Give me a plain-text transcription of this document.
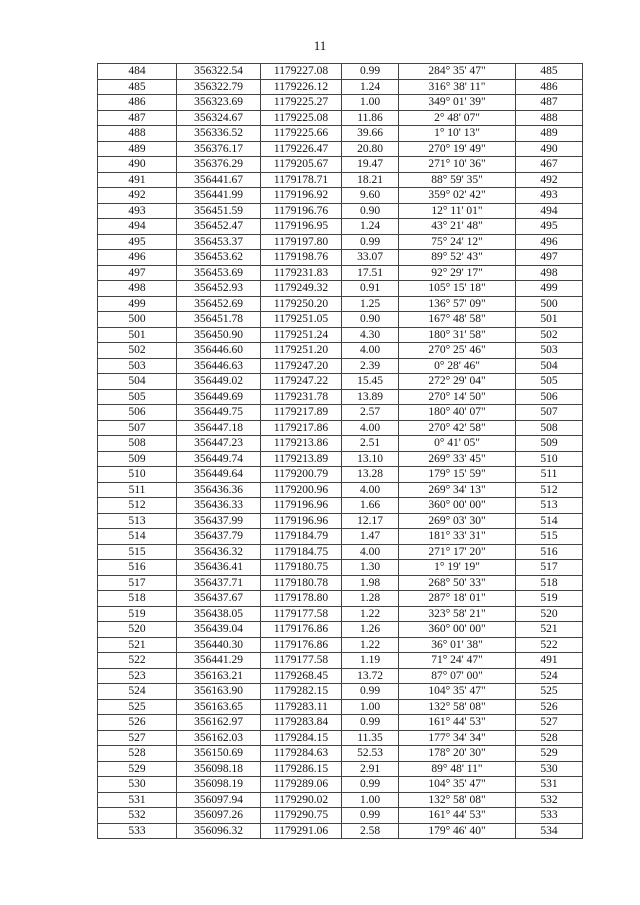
11
484	356322.54	1179227.08	0.99	284° 35' 47"	485
485	356322.79	1179226.12	1.24	316° 38' 11"	486
486	356323.69	1179225.27	1.00	349° 01' 39"	487
487	356324.67	1179225.08	11.86	2° 48' 07"	488
488	356336.52	1179225.66	39.66	1° 10' 13"	489
489	356376.17	1179226.47	20.80	270° 19' 49"	490
490	356376.29	1179205.67	19.47	271° 10' 36"	467
491	356441.67	1179178.71	18.21	88° 59' 35"	492
492	356441.99	1179196.92	9.60	359° 02' 42"	493
493	356451.59	1179196.76	0.90	12° 11' 01"	494
494	356452.47	1179196.95	1.24	43° 21' 48"	495
495	356453.37	1179197.80	0.99	75° 24' 12"	496
496	356453.62	1179198.76	33.07	89° 52' 43"	497
497	356453.69	1179231.83	17.51	92° 29' 17"	498
498	356452.93	1179249.32	0.91	105° 15' 18"	499
499	356452.69	1179250.20	1.25	136° 57' 09"	500
500	356451.78	1179251.05	0.90	167° 48' 58"	501
501	356450.90	1179251.24	4.30	180° 31' 58"	502
502	356446.60	1179251.20	4.00	270° 25' 46"	503
503	356446.63	1179247.20	2.39	0° 28' 46"	504
504	356449.02	1179247.22	15.45	272° 29' 04"	505
505	356449.69	1179231.78	13.89	270° 14' 50"	506
506	356449.75	1179217.89	2.57	180° 40' 07"	507
507	356447.18	1179217.86	4.00	270° 42' 58"	508
508	356447.23	1179213.86	2.51	0° 41' 05"	509
509	356449.74	1179213.89	13.10	269° 33' 45"	510
510	356449.64	1179200.79	13.28	179° 15' 59"	511
511	356436.36	1179200.96	4.00	269° 34' 13"	512
512	356436.33	1179196.96	1.66	360° 00' 00"	513
513	356437.99	1179196.96	12.17	269° 03' 30"	514
514	356437.79	1179184.79	1.47	181° 33' 31"	515
515	356436.32	1179184.75	4.00	271° 17' 20"	516
516	356436.41	1179180.75	1.30	1° 19' 19"	517
517	356437.71	1179180.78	1.98	268° 50' 33"	518
518	356437.67	1179178.80	1.28	287° 18' 01"	519
519	356438.05	1179177.58	1.22	323° 58' 21"	520
520	356439.04	1179176.86	1.26	360° 00' 00"	521
521	356440.30	1179176.86	1.22	36° 01' 38"	522
522	356441.29	1179177.58	1.19	71° 24' 47"	491
523	356163.21	1179268.45	13.72	87° 07' 00"	524
524	356163.90	1179282.15	0.99	104° 35' 47"	525
525	356163.65	1179283.11	1.00	132° 58' 08"	526
526	356162.97	1179283.84	0.99	161° 44' 53"	527
527	356162.03	1179284.15	11.35	177° 34' 34"	528
528	356150.69	1179284.63	52.53	178° 20' 30"	529
529	356098.18	1179286.15	2.91	89° 48' 11"	530
530	356098.19	1179289.06	0.99	104° 35' 47"	531
531	356097.94	1179290.02	1.00	132° 58' 08"	532
532	356097.26	1179290.75	0.99	161° 44' 53"	533
533	356096.32	1179291.06	2.58	179° 46' 40"	534
